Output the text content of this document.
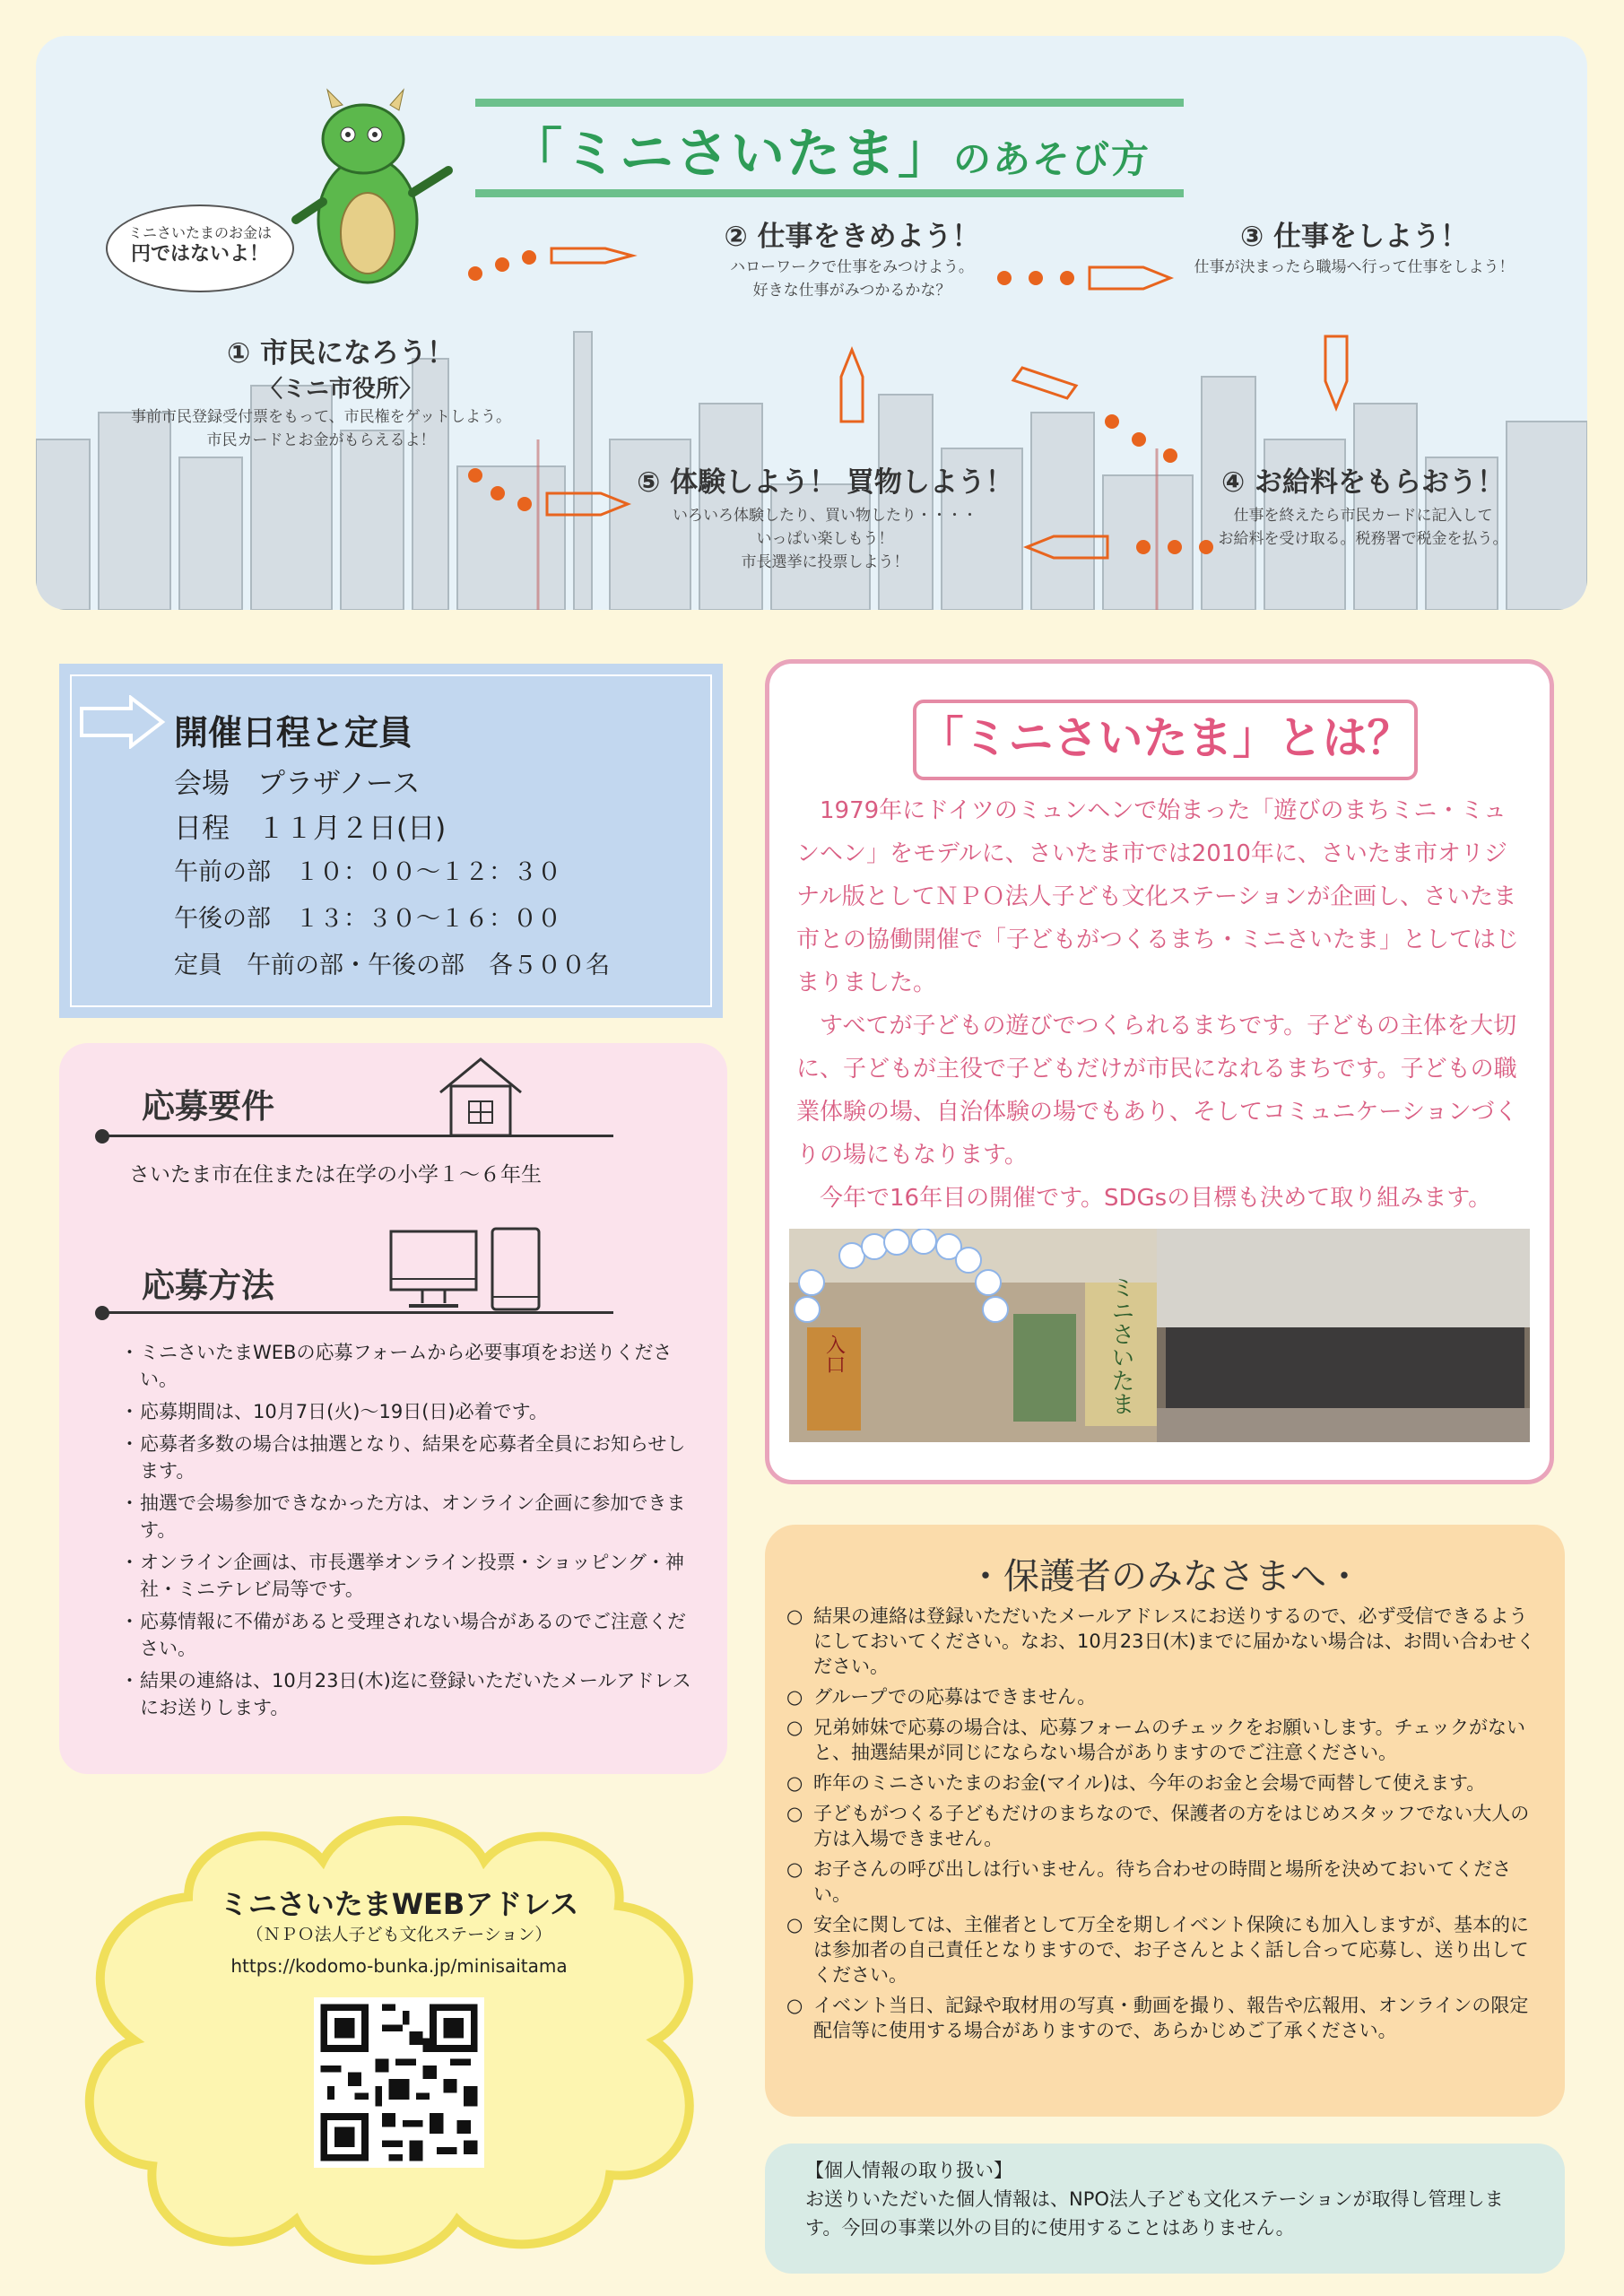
ミニさいたまのお金は
円ではないよ！
「ミニさいたま」のあそび方
① 市民になろう！
〈ミニ市役所〉
事前市民登録受付票をもって、市民権をゲットしよう。
市民カードとお金がもらえるよ！
② 仕事をきめよう！
ハローワークで仕事をみつけよう。
好きな仕事がみつかるかな？
③ 仕事をしよう！
仕事が決まったら職場へ行って仕事をしよう！
④ お給料をもらおう！
仕事を終えたら市民カードに記入して
お給料を受け取る。税務署で税金を払う。
⑤ 体験しよう！ 買物しよう！
いろいろ体験したり、買い物したり・・・・
いっぱい楽しもう！
市長選挙に投票しよう！
開催日程と定員
会場　プラザノース
日程　１１月２日(日)
午前の部　１０：００～１２：３０
午後の部　１３：３０～１６：００
定員　午前の部・午後の部　各５００名
応募要件
さいたま市在住または在学の小学１～６年生
応募方法
・ ミニさいたまWEBの応募フォームから必要事項をお送りください。
・ 応募期間は、10月7日(火)～19日(日)必着です。
・ 応募者多数の場合は抽選となり、結果を応募者全員にお知らせします。
・ 抽選で会場参加できなかった方は、オンライン企画に参加できます。
・ オンライン企画は、市長選挙オンライン投票・ショッピング・神社・ミニテレビ局等です。
・ 応募情報に不備があると受理されない場合があるのでご注意ください。
・ 結果の連絡は、10月23日(木)迄に登録いただいたメールアドレスにお送りします。
ミニさいたまWEBアドレス
（ＮＰＯ法人子ども文化ステーション）
https://kodomo-bunka.jp/minisaitama
「ミニさいたま」とは？

1979年にドイツのミュンヘンで始まった「遊びのまちミニ・ミュンヘン」をモデルに、さいたま市では2010年に、さいたま市オリジナル版としてＮＰＯ法人子ども文化ステーションが企画し、さいたま市との協働開催で「子どもがつくるまち・ミニさいたま」としてはじまりました。

すべてが子どもの遊びでつくられるまちです。子どもの主体を大切に、子どもが主役で子どもだけが市民になれるまちです。子どもの職業体験の場、自治体験の場でもあり、そしてコミュニケーションづくりの場にもなります。

今年で16年目の開催です。SDGsの目標も決めて取り組みます。

ミニさいたま
入口
・保護者のみなさまへ・
○ 結果の連絡は登録いただいたメールアドレスにお送りするので、必ず受信できるようにしておいてください。なお、10月23日(木)までに届かない場合は、お問い合わせください。
○ グループでの応募はできません。
○ 兄弟姉妹で応募の場合は、応募フォームのチェックをお願いします。チェックがないと、抽選結果が同じにならない場合がありますのでご注意ください。
○ 昨年のミニさいたまのお金(マイル)は、今年のお金と会場で両替して使えます。
○ 子どもがつくる子どもだけのまちなので、保護者の方をはじめスタッフでない大人の方は入場できません。
○ お子さんの呼び出しは行いません。待ち合わせの時間と場所を決めておいてください。
○ 安全に関しては、主催者として万全を期しイベント保険にも加入しますが、基本的には参加者の自己責任となりますので、お子さんとよく話し合って応募し、送り出してください。
○ イベント当日、記録や取材用の写真・動画を撮り、報告や広報用、オンラインの限定配信等に使用する場合がありますので、あらかじめご了承ください。
【個人情報の取り扱い】
お送りいただいた個人情報は、NPO法人子ども文化ステーションが取得し管理します。今回の事業以外の目的に使用することはありません。
